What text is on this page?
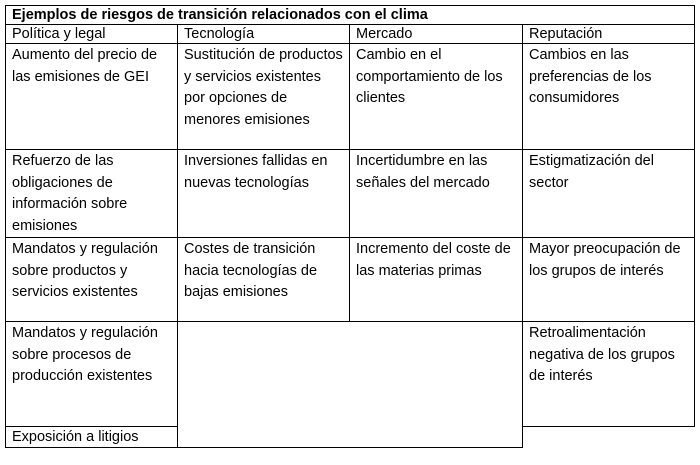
Ejemplos de riesgos de transición relacionados con el clima			
Política y legal	Tecnología	Mercado	Reputación
Aumento del precio de las emisiones de GEI	Sustitución de productos y servicios existentes por opciones de menores emisiones	Cambio en el comportamiento de los clientes	Cambios en las preferencias de los consumidores
Refuerzo de las obligaciones de información sobre emisiones	Inversiones fallidas en nuevas tecnologías	Incertidumbre en las señales del mercado	Estigmatización del sector
Mandatos y regulación sobre productos y servicios existentes	Costes de transición hacia tecnologías de bajas emisiones	Incremento del coste de las materias primas	Mayor preocupación de los grupos de interés
Mandatos y regulación sobre procesos de producción existentes			Retroalimentación negativa de los grupos de interés
Exposición a litigios			
